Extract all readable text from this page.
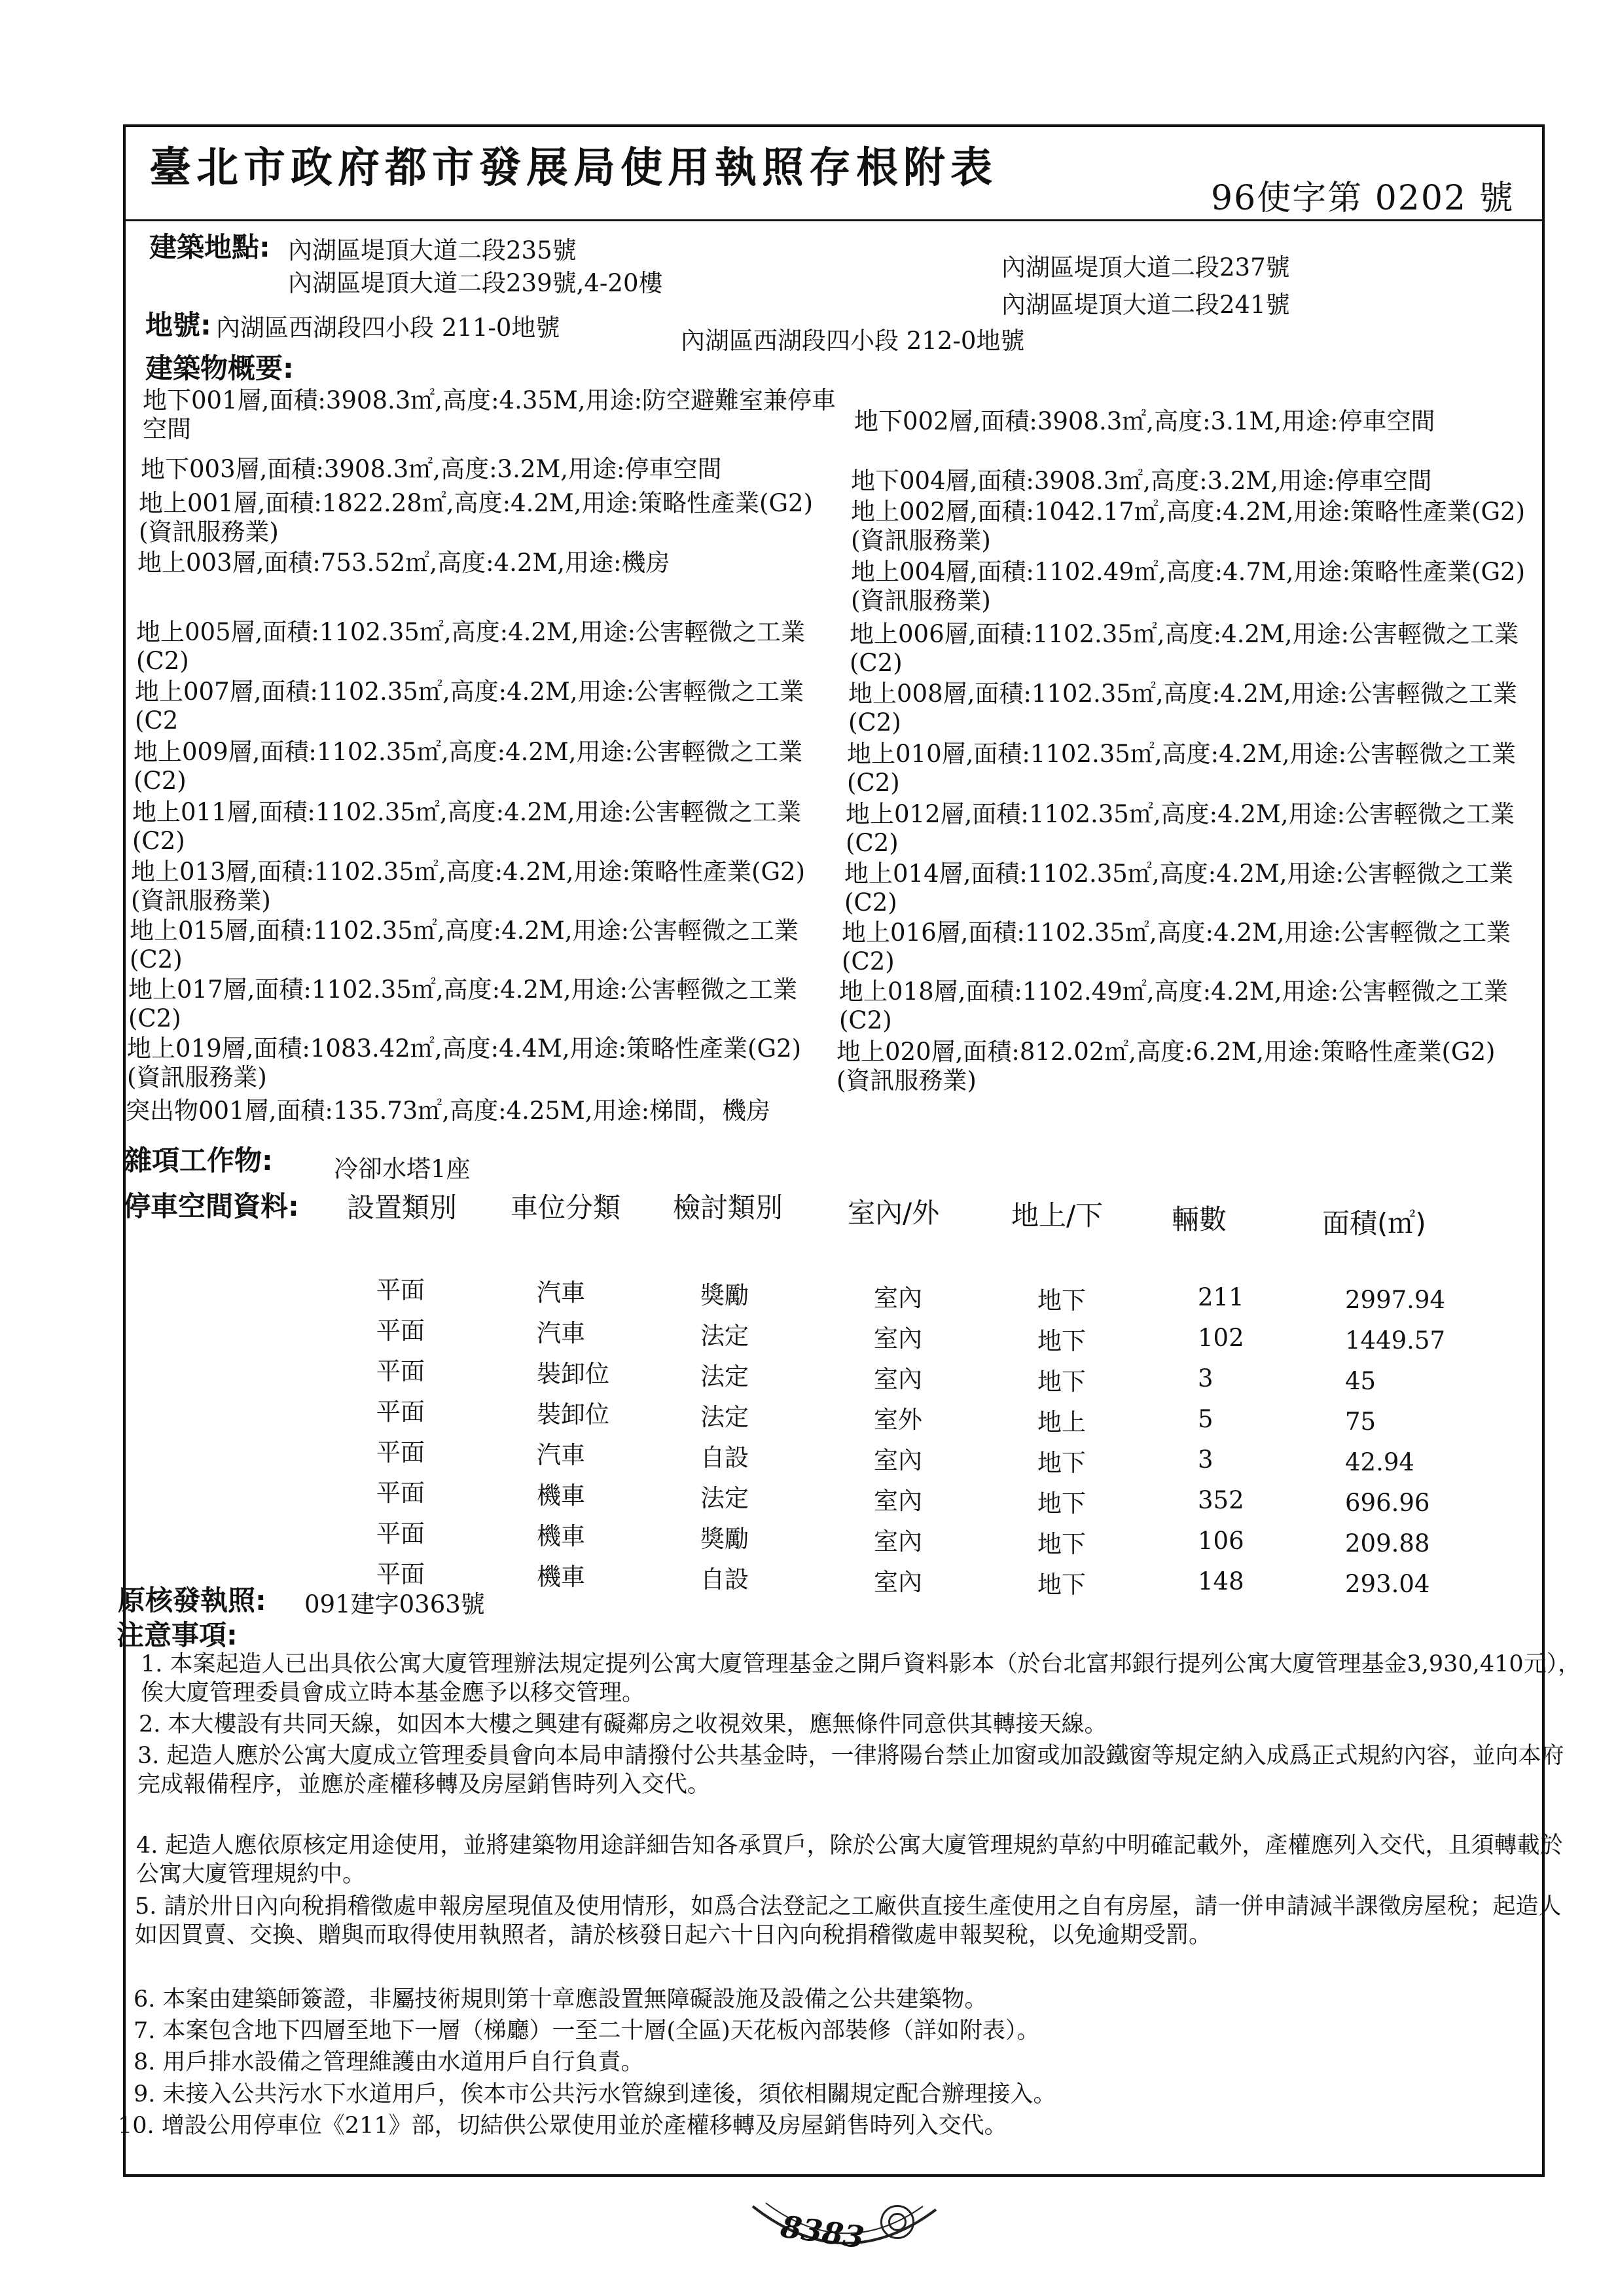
臺北市政府都市發展局使用執照存根附表
96使字第 0202 號
建築地點: 內湖區堤頂大道二段235號
內湖區堤頂大道二段239號,4-20樓
內湖區堤頂大道二段237號
內湖區堤頂大道二段241號
地號: 內湖區西湖段四小段 211-0地號	內湖區西湖段四小段 212-0地號
建築物概要:
地下001層,面積:3908.3㎡,高度:4.35M,用途:防空避難室兼停車空間
地下003層,面積:3908.3㎡,高度:3.2M,用途:停車空間
地上001層,面積:1822.28㎡,高度:4.2M,用途:策略性產業(G2)(資訊服務業)
地上003層,面積:753.52㎡,高度:4.2M,用途:機房
地上005層,面積:1102.35㎡,高度:4.2M,用途:公害輕微之工業(C2)
地上007層,面積:1102.35㎡,高度:4.2M,用途:公害輕微之工業(C2
地上009層,面積:1102.35㎡,高度:4.2M,用途:公害輕微之工業(C2)
地上011層,面積:1102.35㎡,高度:4.2M,用途:公害輕微之工業(C2)
地上013層,面積:1102.35㎡,高度:4.2M,用途:策略性產業(G2)(資訊服務業)
地上015層,面積:1102.35㎡,高度:4.2M,用途:公害輕微之工業(C2)
地上017層,面積:1102.35㎡,高度:4.2M,用途:公害輕微之工業(C2)
地上019層,面積:1083.42㎡,高度:4.4M,用途:策略性產業(G2)(資訊服務業)
突出物001層,面積:135.73㎡,高度:4.25M,用途:梯間，機房
地下002層,面積:3908.3㎡,高度:3.1M,用途:停車空間
地下004層,面積:3908.3㎡,高度:3.2M,用途:停車空間
地上002層,面積:1042.17㎡,高度:4.2M,用途:策略性產業(G2)(資訊服務業)
地上004層,面積:1102.49㎡,高度:4.7M,用途:策略性產業(G2)(資訊服務業)
地上006層,面積:1102.35㎡,高度:4.2M,用途:公害輕微之工業(C2)
地上008層,面積:1102.35㎡,高度:4.2M,用途:公害輕微之工業(C2)
地上010層,面積:1102.35㎡,高度:4.2M,用途:公害輕微之工業(C2)
地上012層,面積:1102.35㎡,高度:4.2M,用途:公害輕微之工業(C2)
地上014層,面積:1102.35㎡,高度:4.2M,用途:公害輕微之工業(C2)
地上016層,面積:1102.35㎡,高度:4.2M,用途:公害輕微之工業(C2)
地上018層,面積:1102.49㎡,高度:4.2M,用途:公害輕微之工業(C2)
地上020層,面積:812.02㎡,高度:6.2M,用途:策略性產業(G2)(資訊服務業)
雜項工作物:	冷卻水塔1座
停車空間資料: 設置類別 車位分類 檢討類別 室內/外	地上/下 輛數	面積(㎡)
平面	汽車	獎勵	室內	地下	211	2997.94
平面	汽車	法定	室內	地下	102	1449.57
平面	裝卸位	法定	室內	地下	3	45
平面	裝卸位	法定	室外	地上	5	75
平面	汽車	自設	室內	地下	3	42.94
平面	機車	法定	室內	地下	352	696.96
平面	機車	獎勵	室內	地下	106	209.88
平面	機車	自設	室內	地下	148	293.04
原核發執照: 091建字0363號
注意事項:
1. 本案起造人已出具依公寓大廈管理辦法規定提列公寓大廈管理基金之開戶資料影本（於台北富邦銀行提列公寓大廈管理基金3,930,410元），俟大廈管理委員會成立時本基金應予以移交管理。
2. 本大樓設有共同天線，如因本大樓之興建有礙鄰房之收視效果，應無條件同意供其轉接天線。
3. 起造人應於公寓大廈成立管理委員會向本局申請撥付公共基金時，一律將陽台禁止加窗或加設鐵窗等規定納入成爲正式規約內容，並向本府完成報備程序，並應於產權移轉及房屋銷售時列入交代。
4. 起造人應依原核定用途使用，並將建築物用途詳細告知各承買戶，除於公寓大廈管理規約草約中明確記載外，產權應列入交代，且須轉載於公寓大廈管理規約中。
5. 請於卅日內向稅捐稽徵處申報房屋現值及使用情形，如爲合法登記之工廠供直接生產使用之自有房屋，請一併申請減半課徵房屋稅；起造人如因買賣、交換、贈與而取得使用執照者，請於核發日起六十日內向稅捐稽徵處申報契稅，以免逾期受罰。
6. 本案由建築師簽證，非屬技術規則第十章應設置無障礙設施及設備之公共建築物。
7. 本案包含地下四層至地下一層（梯廳）一至二十層(全區)天花板內部裝修（詳如附表）。
8. 用戶排水設備之管理維護由水道用戶自行負責。
9. 未接入公共污水下水道用戶，俟本市公共污水管線到達後，須依相關規定配合辦理接入。
10. 增設公用停車位《211》部，切結供公眾使用並於產權移轉及房屋銷售時列入交代。
8383
